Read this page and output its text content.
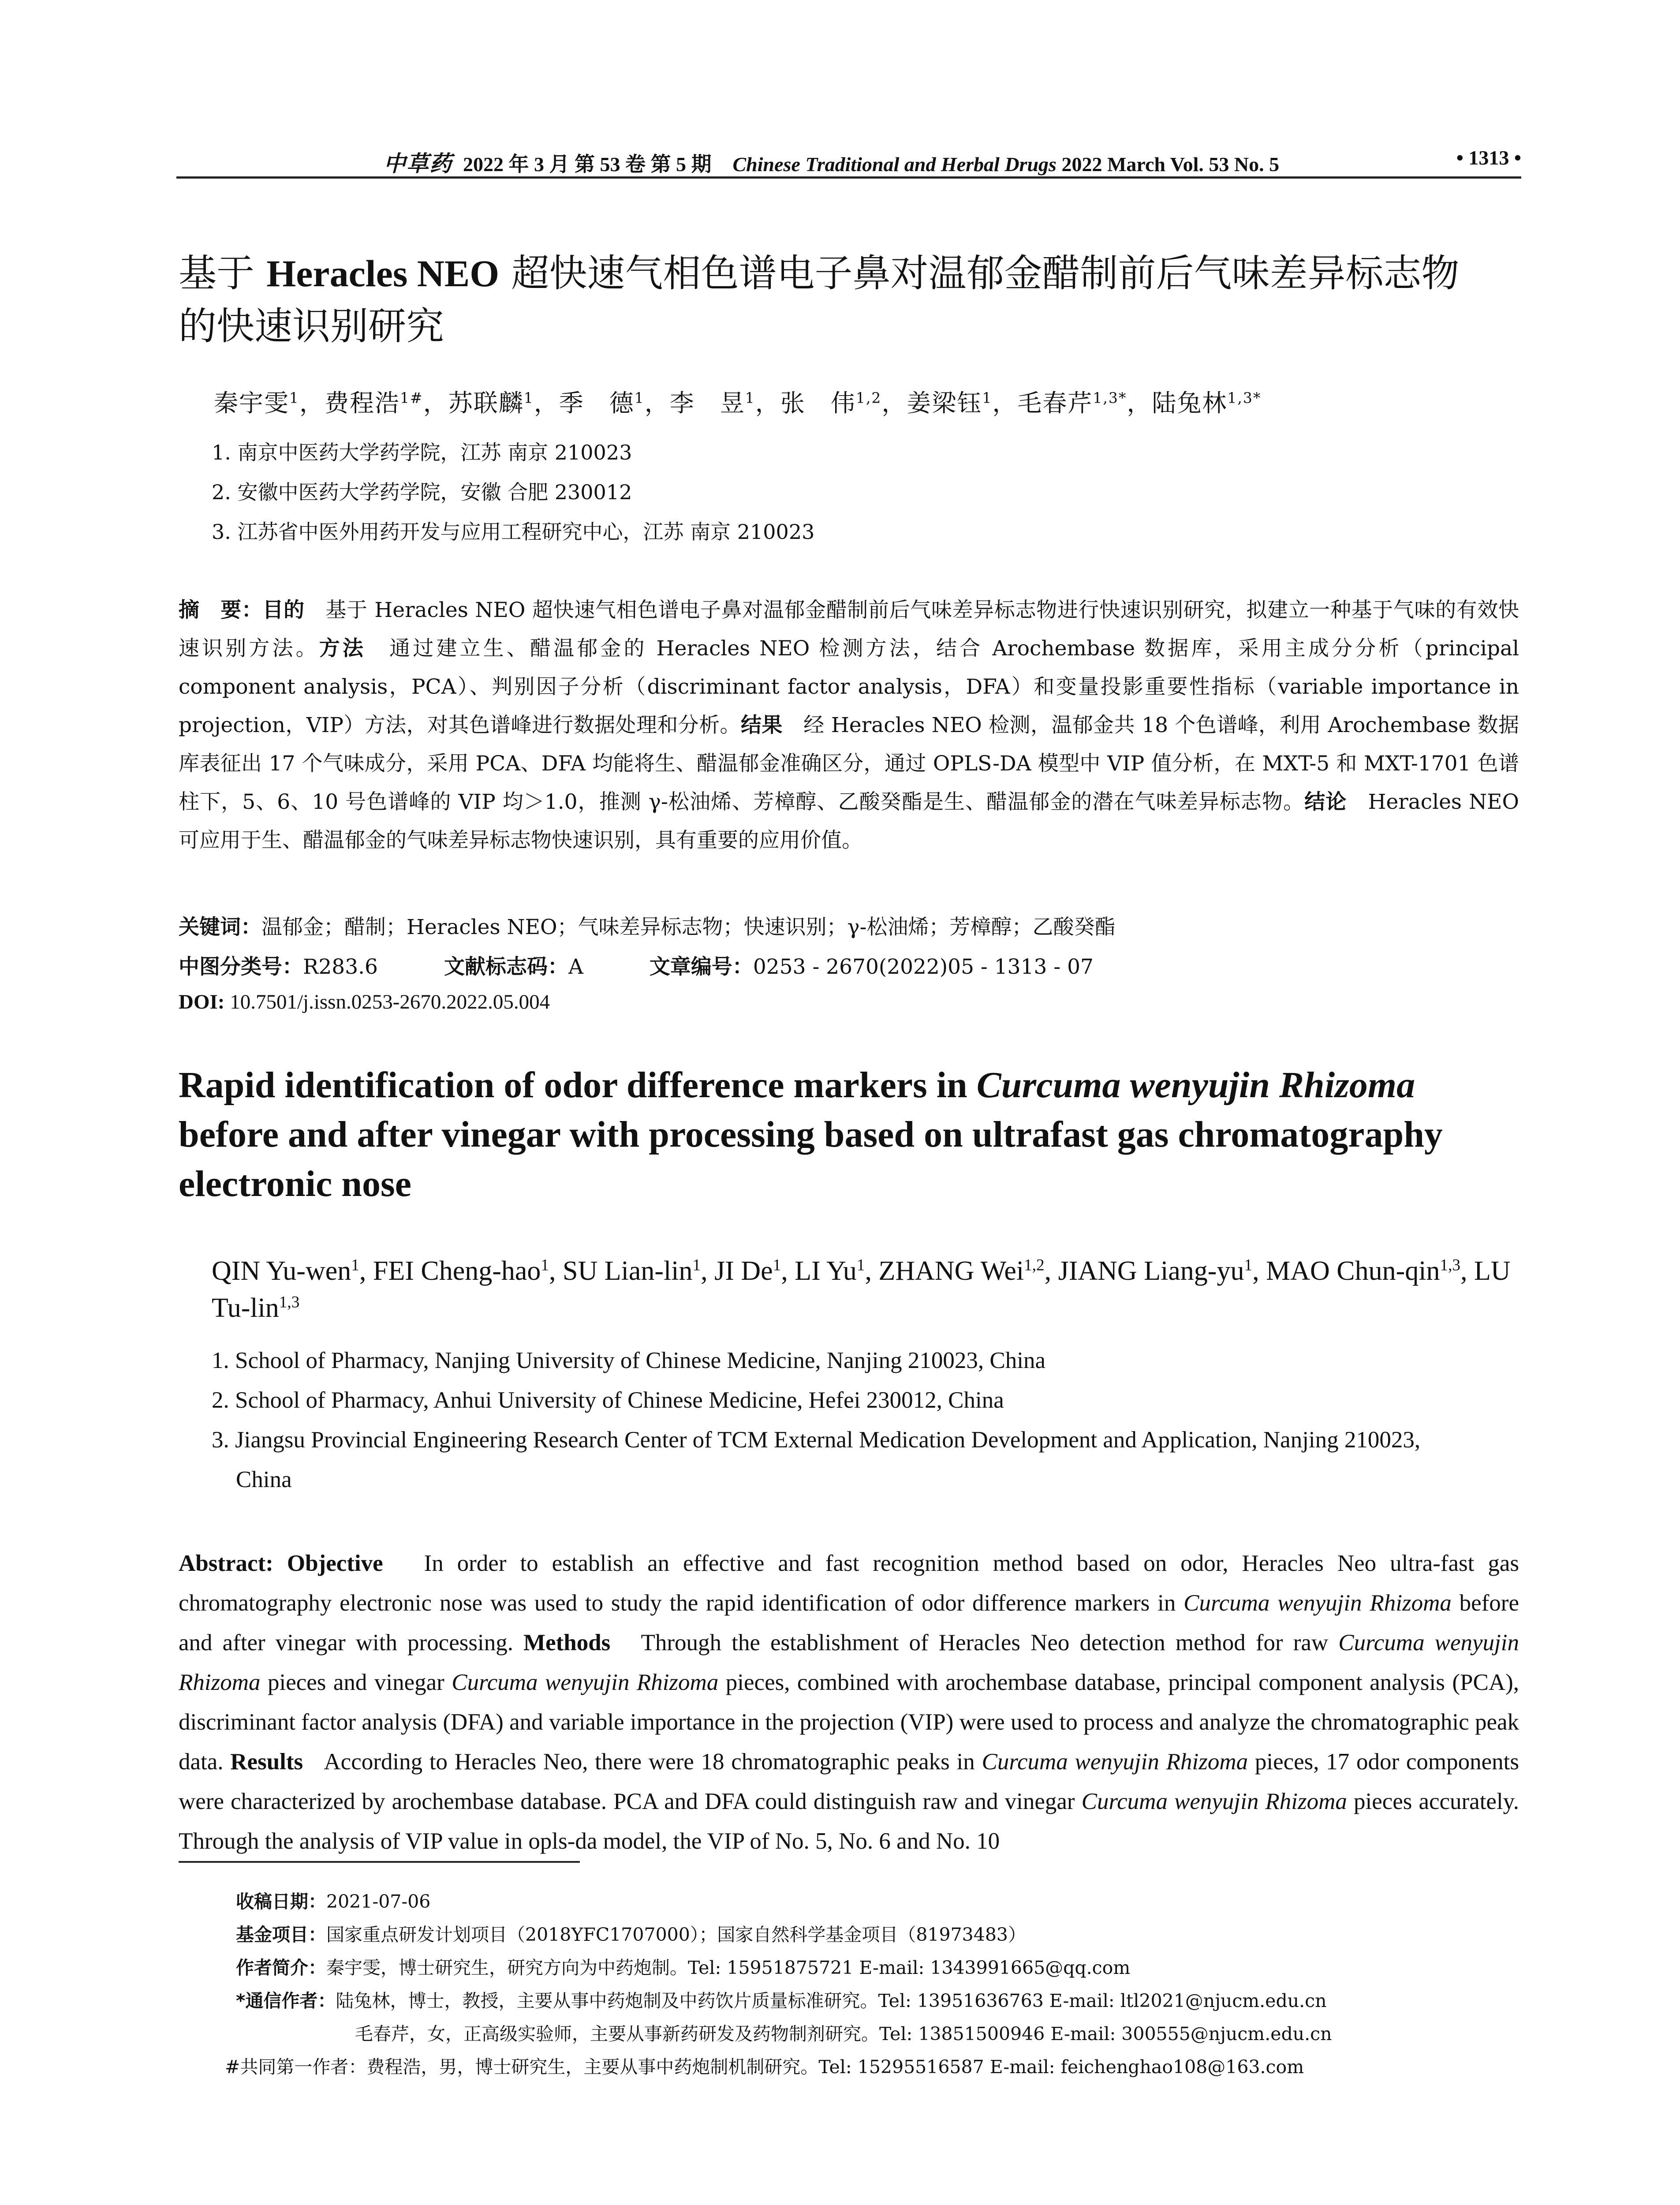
中草药 2022 年 3 月 第 53 卷 第 5 期 Chinese Traditional and Herbal Drugs 2022 March Vol. 53 No. 5	• 1313 •
基于 Heracles NEO 超快速气相色谱电子鼻对温郁金醋制前后气味差异标志物的快速识别研究
秦宇雯$^1$，费程浩$^{1\#}$，苏联麟$^1$，季　德$^1$，李　昱$^1$，张　伟$^{1,2}$，姜梁钰$^1$，毛春芹$^{1,3*}$，陆兔林$^{1,3*}$
1. 南京中医药大学药学院，江苏 南京 210023
2. 安徽中医药大学药学院，安徽 合肥 230012
3. 江苏省中医外用药开发与应用工程研究中心，江苏 南京 210023
摘　要：目的　基于 Heracles NEO 超快速气相色谱电子鼻对温郁金醋制前后气味差异标志物进行快速识别研究，拟建立一种基于气味的有效快速识别方法。方法　通过建立生、醋温郁金的 Heracles NEO 检测方法，结合 Arochembase 数据库，采用主成分分析（principal component analysis，PCA）、判别因子分析（discriminant factor analysis，DFA）和变量投影重要性指标（variable importance in projection，VIP）方法，对其色谱峰进行数据处理和分析。结果　经 Heracles NEO 检测，温郁金共 18 个色谱峰，利用 Arochembase 数据库表征出 17 个气味成分，采用 PCA、DFA 均能将生、醋温郁金准确区分，通过 OPLS-DA 模型中 VIP 值分析，在 MXT-5 和 MXT-1701 色谱柱下，5、6、10 号色谱峰的 VIP 均＞1.0，推测 γ-松油烯、芳樟醇、乙酸癸酯是生、醋温郁金的潜在气味差异标志物。结论　Heracles NEO 可应用于生、醋温郁金的气味差异标志物快速识别，具有重要的应用价值。
关键词：温郁金；醋制；Heracles NEO；气味差异标志物；快速识别；γ-松油烯；芳樟醇；乙酸癸酯
中图分类号：R283.6	文献标志码：A	文章编号：0253 - 2670(2022)05 - 1313 - 07
DOI: 10.7501/j.issn.0253-2670.2022.05.004
Rapid identification of odor difference markers in Curcuma wenyujin Rhizoma before and after vinegar with processing based on ultrafast gas chromatography electronic nose
QIN Yu-wen$^1$, FEI Cheng-hao$^1$, SU Lian-lin$^1$, JI De$^1$, LI Yu$^1$, ZHANG Wei$^{1,2}$, JIANG Liang-$yu^1$, MAO Chun-qin$^{1,3}$, LU Tu-lin$^{1,3}$
1. School of Pharmacy, Nanjing University of Chinese Medicine, Nanjing 210023, China
2. School of Pharmacy, Anhui University of Chinese Medicine, Hefei 230012, China
3. Jiangsu Provincial Engineering Research Center of TCM External Medication Development and Application, Nanjing 210023,
China
Abstract: Objective In order to establish an effective and fast recognition method based on odor, Heracles Neo ultra-fast gas chromatography electronic nose was used to study the rapid identification of odor difference markers in Curcuma wenyujin Rhizoma before and after vinegar with processing. Methods Through the establishment of Heracles Neo detection method for raw Curcuma wenyujin Rhizoma pieces and vinegar Curcuma wenyujin Rhizoma pieces, combined with arochembase database, principal component analysis (PCA), discriminant factor analysis (DFA) and variable importance in the projection (VIP) were used to process and analyze the chromatographic peak data. Results According to Heracles Neo, there were 18 chromatographic peaks in Curcuma wenyujin Rhizoma pieces, 17 odor components were characterized by arochembase database. PCA and DFA could distinguish raw and vinegar Curcuma wenyujin Rhizoma pieces accurately. Through the analysis of VIP value in opls-da model, the VIP of No. 5, No. 6 and No. 10
收稿日期：2021-07-06
基金项目：国家重点研发计划项目（2018YFC1707000）；国家自然科学基金项目（81973483）
作者简介：秦宇雯，博士研究生，研究方向为中药炮制。Tel: 15951875721 E-mail: 1343991665@qq.com
*通信作者：陆兔林，博士，教授，主要从事中药炮制及中药饮片质量标准研究。Tel: 13951636763 E-mail: ltl2021@njucm.edu.cn
毛春芹，女，正高级实验师，主要从事新药研发及药物制剂研究。Tel: 13851500946 E-mail: 300555@njucm.edu.cn
#共同第一作者：费程浩，男，博士研究生，主要从事中药炮制机制研究。Tel: 15295516587 E-mail: feichenghao108@163.com
